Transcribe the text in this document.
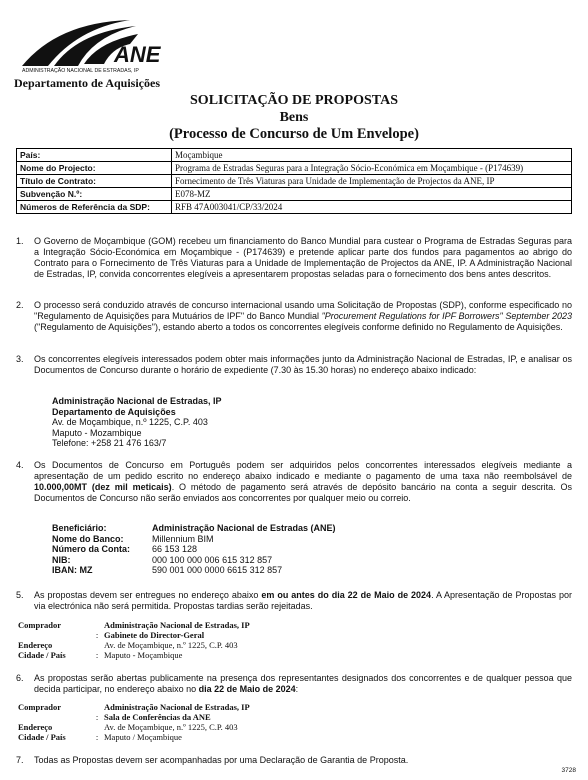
ANE
ADMINISTRAÇÃO NACIONAL DE ESTRADAS, IP
Departamento de Aquisições
SOLICITAÇÃO DE PROPOSTAS
Bens
(Processo de Concurso de Um Envelope)
País:	Moçambique
Nome do Projecto:	Programa de Estradas Seguras para a Integração Sócio-Económica em Moçambique - (P174639)
Título de Contrato:	Fornecimento de Três Viaturas para Unidade de Implementação de Projectos da ANE, IP
Subvenção N.º:	E078-MZ
Números de Referência da SDP:	RFB 47A003041/CP/33/2024
1.	O Governo de Moçambique (GOM) recebeu um financiamento do Banco Mundial para custear o Programa de Estradas Seguras para a Integração Sócio-Económica em Moçambique - (P174639) e pretende aplicar parte dos fundos para pagamentos ao abrigo do Contrato para o Fornecimento de Três Viaturas para a Unidade de Implementação de Projectos da ANE, IP. A Administração Nacional de Estradas, IP, convida concorrentes elegíveis a apresentarem propostas seladas para o fornecimento dos bens antes descritos.
2.	O processo será conduzido através de concurso internacional usando uma Solicitação de Propostas (SDP), conforme especificado no "Regulamento de Aquisições para Mutuários de IPF" do Banco Mundial "Procurement Regulations for IPF Borrowers" September 2023 ("Regulamento de Aquisições"), estando aberto a todos os concorrentes elegíveis conforme definido no Regulamento de Aquisições.
3.	Os concorrentes elegíveis interessados podem obter mais informações junto da Administração Nacional de Estradas, IP, e analisar os Documentos de Concurso durante o horário de expediente (7.30 às 15.30 horas) no endereço abaixo indicado:
Administração Nacional de Estradas, IP
Departamento de Aquisições
Av. de Moçambique, n.º 1225, C.P. 403
Maputo - Mozambique
Telefone: +258 21 476 163/7
4.	Os Documentos de Concurso em Português podem ser adquiridos pelos concorrentes interessados elegíveis mediante a apresentação de um pedido escrito no endereço abaixo indicado e mediante o pagamento de uma taxa não reembolsável de 10.000,00MT (dez mil meticais). O método de pagamento será através de depósito bancário na conta a seguir descrita. Os Documentos de Concurso não serão enviados aos concorrentes por qualquer meio ou correio.
Beneficiário:	Administração Nacional de Estradas (ANE)
Nome do Banco:	Millennium BIM
Número da Conta:	66 153 128
NIB:	000 100 000 006 615 312 857
IBAN: MZ	590 001 000 0000 6615 312 857
5.	As propostas devem ser entregues no endereço abaixo em ou antes do dia 22 de Maio de 2024. A Apresentação de Propostas por via electrónica não será permitida. Propostas tardias serão rejeitadas.
Comprador	Administração Nacional de Estradas, IP
: Gabinete do Director-Geral
Endereço	Av. de Moçambique, n.º 1225, C.P. 403
Cidade / País	: Maputo - Moçambique
6.	As propostas serão abertas publicamente na presença dos representantes designados dos concorrentes e de qualquer pessoa que decida participar, no endereço abaixo no dia 22 de Maio de 2024:
Comprador	Administração Nacional de Estradas, IP
: Sala de Conferências da ANE
Endereço	Av. de Moçambique, n.º 1225, C.P. 403
Cidade / País	: Maputo / Moçambique
7.	Todas as Propostas devem ser acompanhadas por uma Declaração de Garantia de Proposta.
3728
